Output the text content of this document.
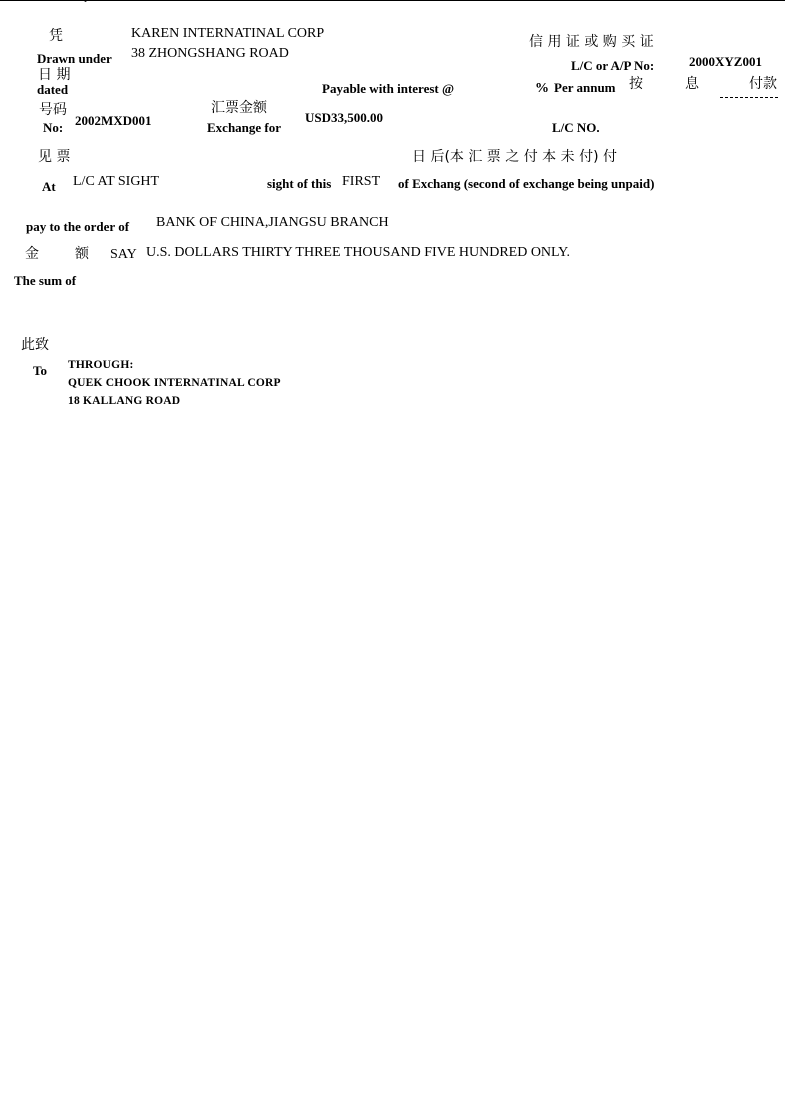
ˇ
凭
Drawn under
KAREN INTERNATINAL CORP
38 ZHONGSHANG ROAD
信 用 证 或 购 买 证
L/C or A/P No:	2000XYZ001
日 期
dated	Payable with interest @	% Per annum 按	息	付款
号码
No: 2002MXD001
汇票金额
Exchange for
USD33,500.00
L/C NO.
见 票	日 后(本 汇 票 之 付 本 未 付) 付
At L/C AT SIGHT	sight of this FIRST of Exchang (second of exchange being unpaid)
pay to the order of BANK OF CHINA,JIANGSU BRANCH
金	额 SAY U.S. DOLLARS THIRTY THREE THOUSAND FIVE HUNDRED ONLY.
The sum of
此致
To THROUGH:
QUEK CHOOK INTERNATINAL CORP
18 KALLANG ROAD
